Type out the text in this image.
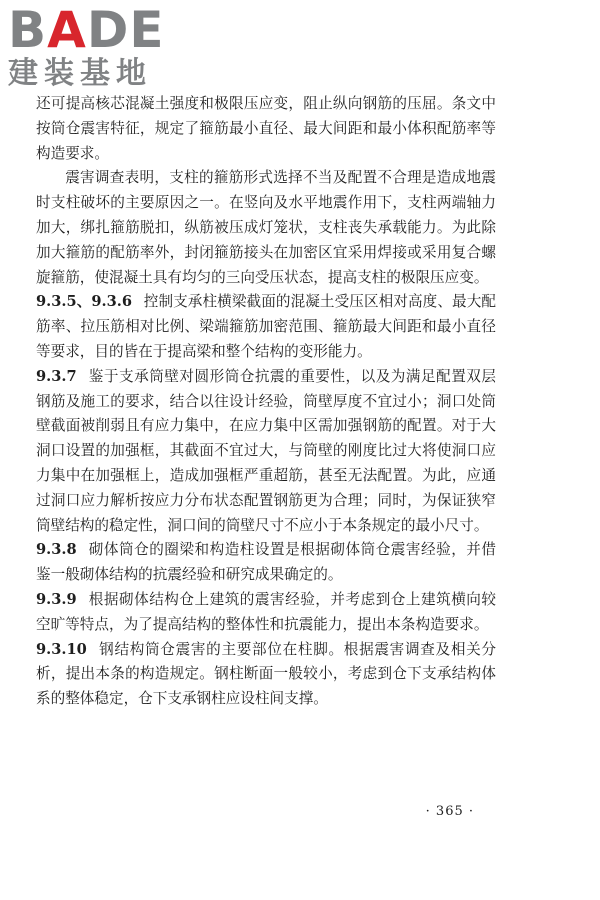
BADE
建装基地

还可提高核芯混凝土强度和极限压应变，阻止纵向钢筋的压屈。条文中按筒仓震害特征，规定了箍筋最小直径、最大间距和最小体积配筋率等构造要求。

震害调查表明，支柱的箍筋形式选择不当及配置不合理是造成地震时支柱破坏的主要原因之一。在竖向及水平地震作用下，支柱两端轴力加大，绑扎箍筋脱扣，纵筋被压成灯笼状，支柱丧失承载能力。为此除加大箍筋的配筋率外，封闭箍筋接头在加密区宜采用焊接或采用复合螺旋箍筋，使混凝土具有均匀的三向受压状态，提高支柱的极限压应变。

9.3.5、9.3.6 控制支承柱横梁截面的混凝土受压区相对高度、最大配筋率、拉压筋相对比例、梁端箍筋加密范围、箍筋最大间距和最小直径等要求，目的皆在于提高梁和整个结构的变形能力。

9.3.7 鉴于支承筒壁对圆形筒仓抗震的重要性，以及为满足配置双层钢筋及施工的要求，结合以往设计经验，筒壁厚度不宜过小；洞口处筒壁截面被削弱且有应力集中，在应力集中区需加强钢筋的配置。对于大洞口设置的加强框，其截面不宜过大，与筒壁的刚度比过大将使洞口应力集中在加强框上，造成加强框严重超筋，甚至无法配置。为此，应通过洞口应力解析按应力分布状态配置钢筋更为合理；同时，为保证狭窄筒壁结构的稳定性，洞口间的筒壁尺寸不应小于本条规定的最小尺寸。

9.3.8 砌体筒仓的圈梁和构造柱设置是根据砌体筒仓震害经验，并借鉴一般砌体结构的抗震经验和研究成果确定的。

9.3.9 根据砌体结构仓上建筑的震害经验，并考虑到仓上建筑横向较空旷等特点，为了提高结构的整体性和抗震能力，提出本条构造要求。

9.3.10 钢结构筒仓震害的主要部位在柱脚。根据震害调查及相关分析，提出本条的构造规定。钢柱断面一般较小，考虑到仓下支承结构体系的整体稳定，仓下支承钢柱应设柱间支撑。

· 365 ·
